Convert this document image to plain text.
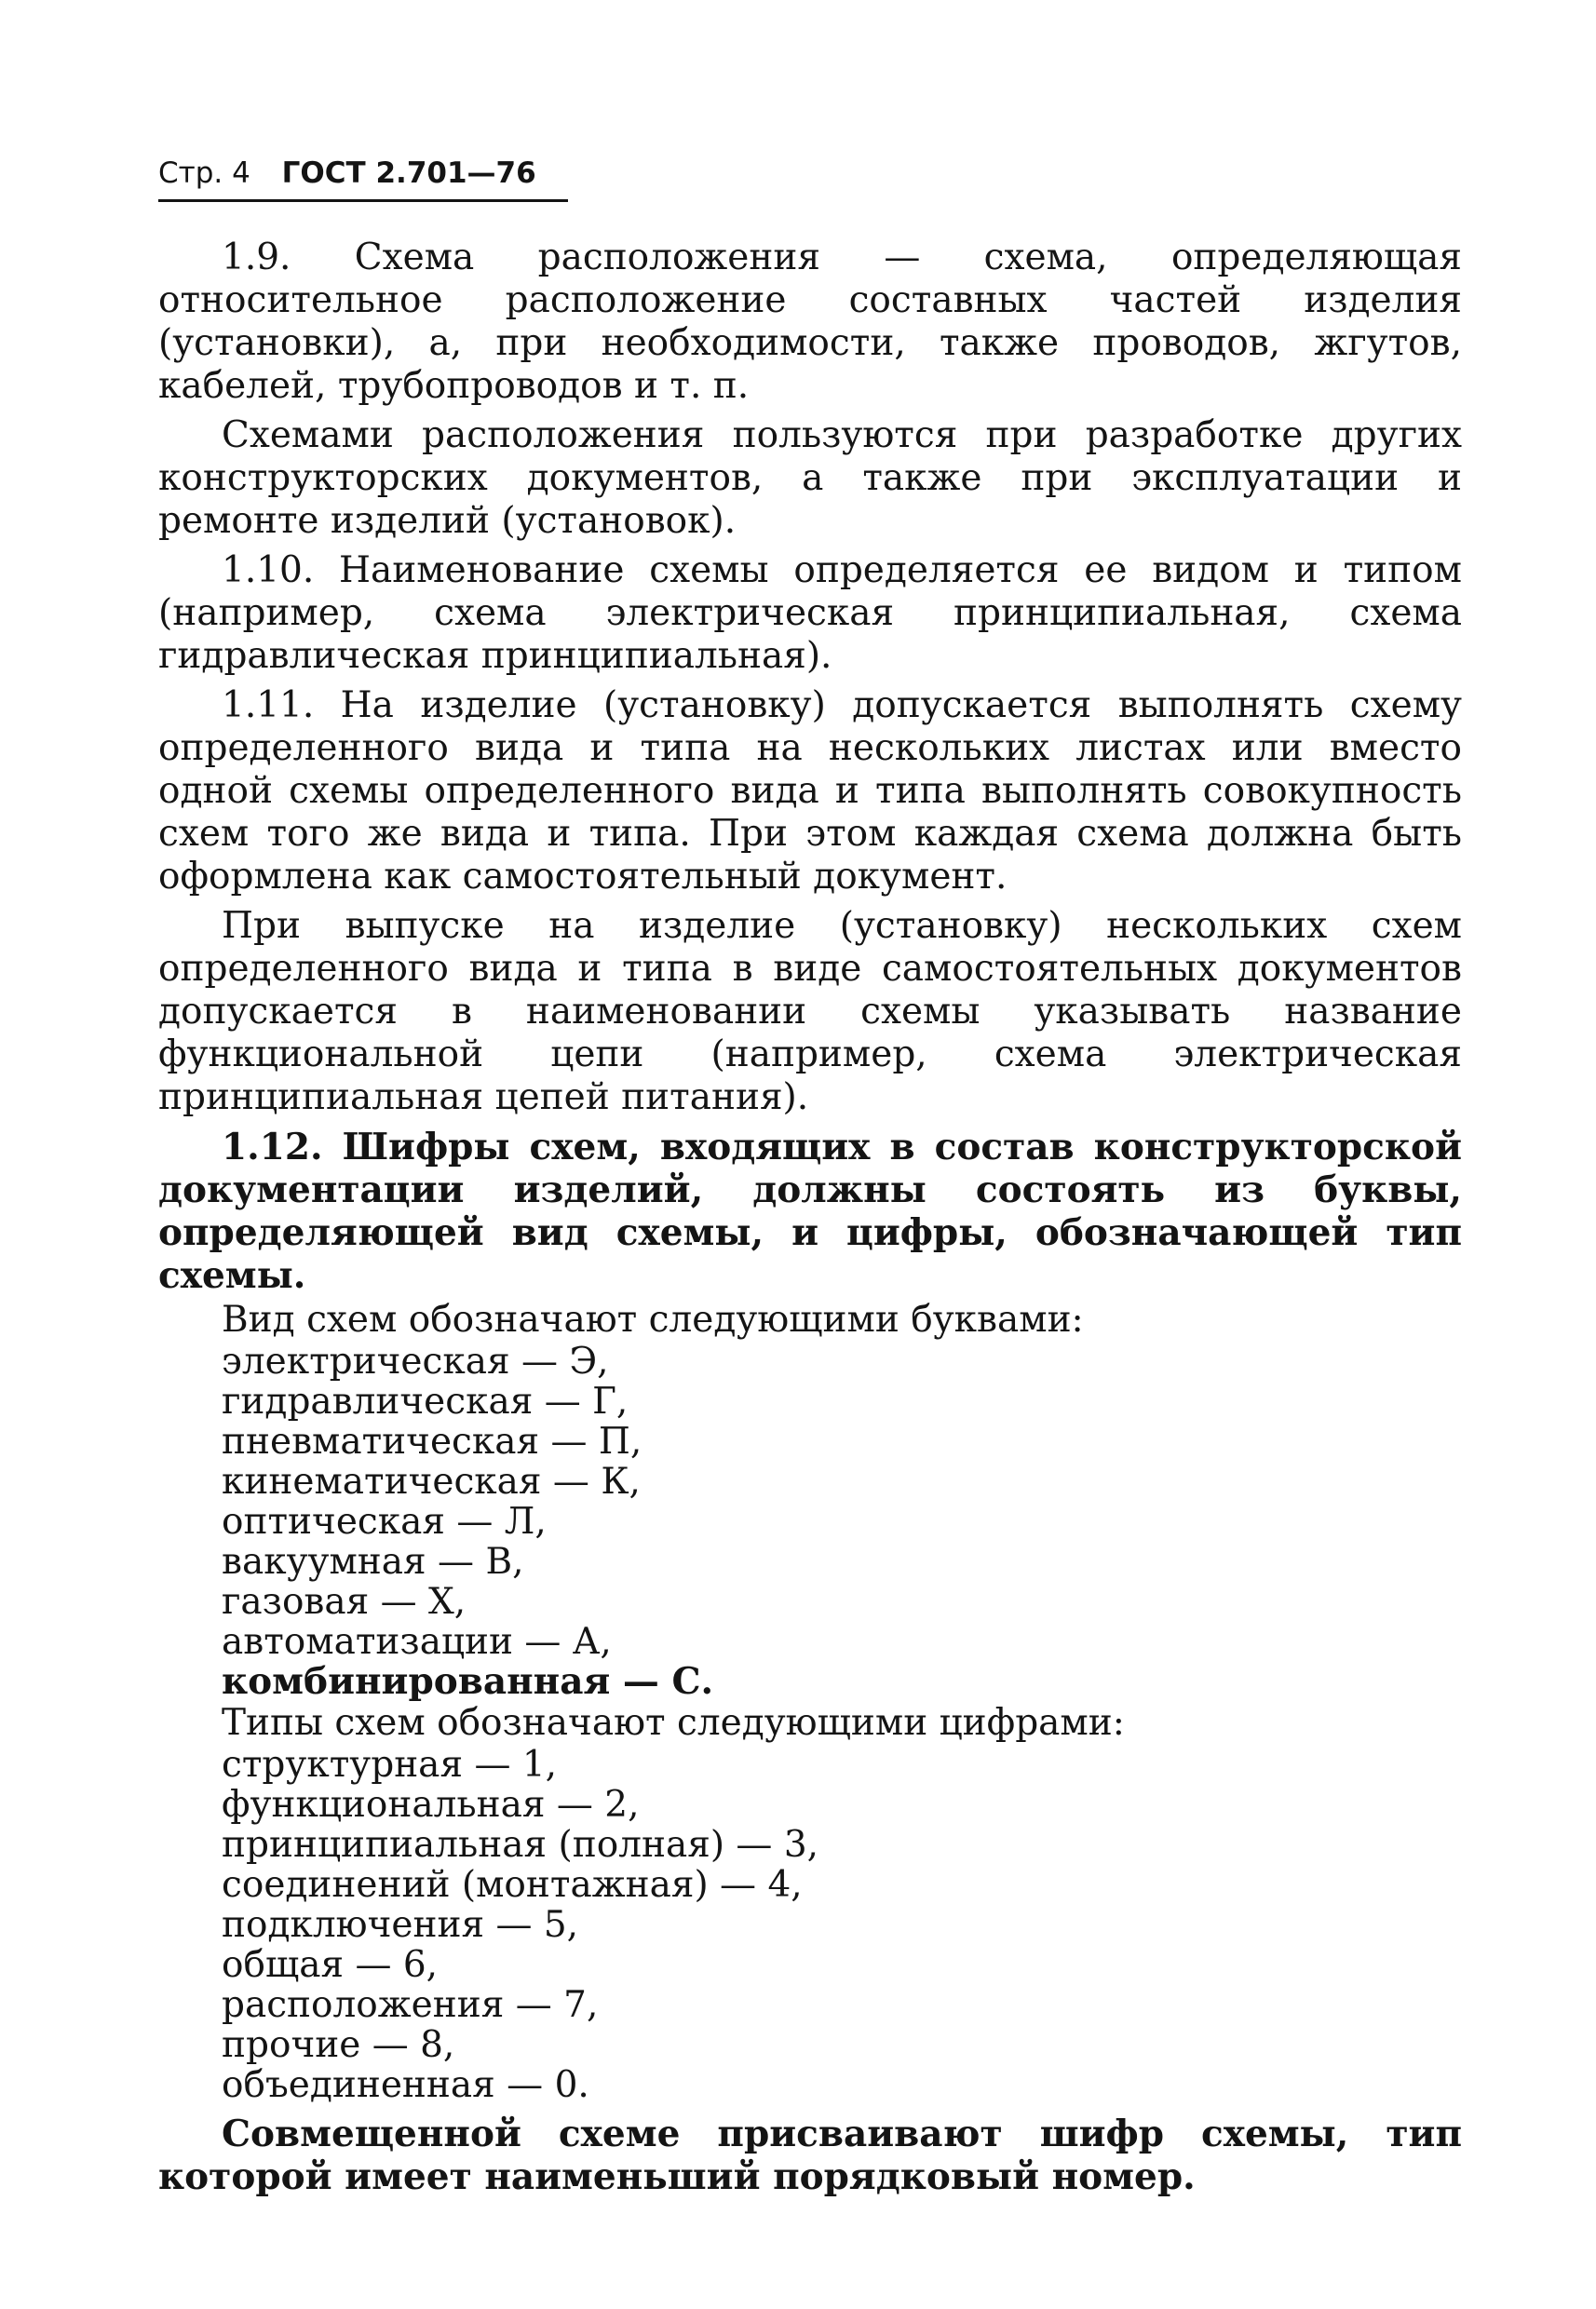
Стр. 4 ГОСТ 2.701—76

1.9. Схема расположения — схема, определяющая относительное расположение составных частей изделия (установки), а, при необходимости, также проводов, жгутов, кабелей, трубопроводов и т. п.

Схемами расположения пользуются при разработке других конструкторских документов, а также при эксплуатации и ремонте изделий (установок).

1.10. Наименование схемы определяется ее видом и типом (например, схема электрическая принципиальная, схема гидравлическая принципиальная).

1.11. На изделие (установку) допускается выполнять схему определенного вида и типа на нескольких листах или вместо одной схемы определенного вида и типа выполнять совокупность схем того же вида и типа. При этом каждая схема должна быть оформлена как самостоятельный документ.

При выпуске на изделие (установку) нескольких схем определенного вида и типа в виде самостоятельных документов допускается в наименовании схемы указывать название функциональной цепи (например, схема электрическая принципиальная цепей питания).

1.12. Шифры схем, входящих в состав конструкторской документации изделий, должны состоять из буквы, определяющей вид схемы, и цифры, обозначающей тип схемы.

Вид схем обозначают следующими буквами:

электрическая — Э,
гидравлическая — Г,
пневматическая — П,
кинематическая — К,
оптическая — Л,
вакуумная — В,
газовая — Х,
автоматизации — А,
комбинированная — С.

Типы схем обозначают следующими цифрами:

структурная — 1,
функциональная — 2,
принципиальная (полная) — 3,
соединений (монтажная) — 4,
подключения — 5,
общая — 6,
расположения — 7,
прочие — 8,
объединенная — 0.

Совмещенной схеме присваивают шифр схемы, тип которой имеет наименьший порядковый номер.
